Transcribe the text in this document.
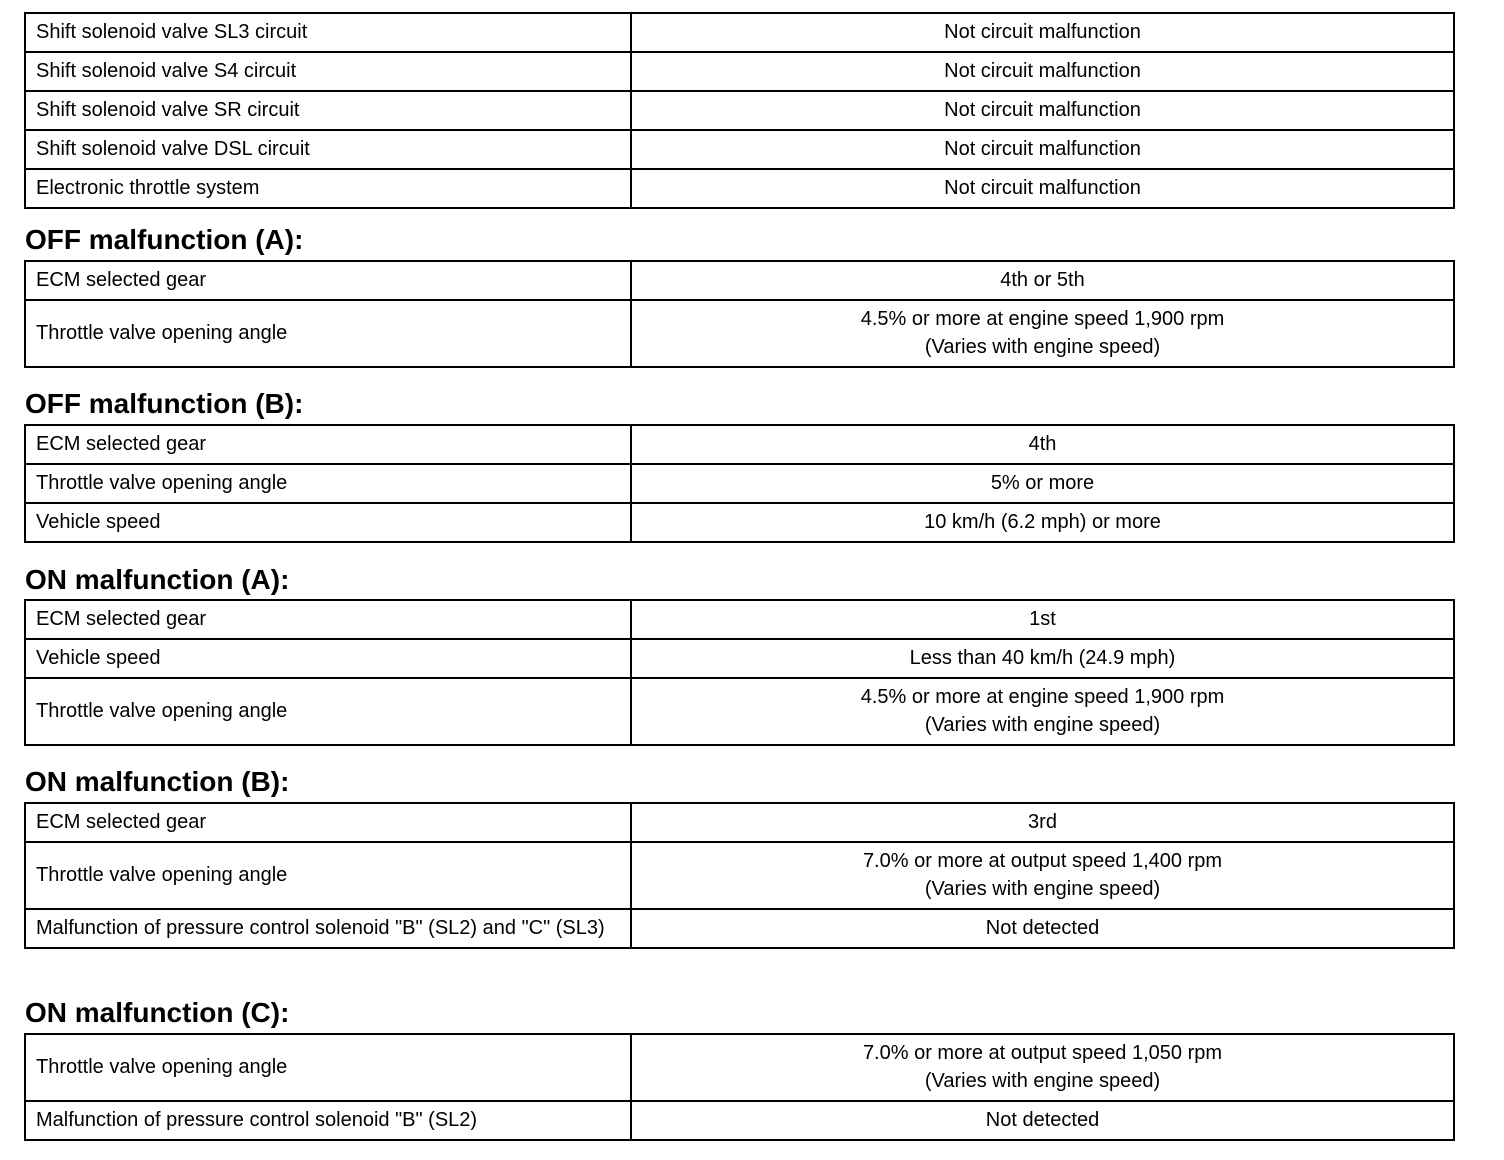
Shift solenoid valve SL3 circuit	Not circuit malfunction

Shift solenoid valve S4 circuit	Not circuit malfunction

Shift solenoid valve SR circuit	Not circuit malfunction

Shift solenoid valve DSL circuit	Not circuit malfunction

Electronic throttle system	Not circuit malfunction
OFF malfunction (A):
ECM selected gear	4th or 5th

Throttle valve opening angle	4.5% or more at engine speed 1,900 rpm
(Varies with engine speed)
OFF malfunction (B):
ECM selected gear	4th

Throttle valve opening angle	5% or more

Vehicle speed	10 km/h (6.2 mph) or more
ON malfunction (A):
ECM selected gear	1st

Vehicle speed	Less than 40 km/h (24.9 mph)

Throttle valve opening angle	4.5% or more at engine speed 1,900 rpm
(Varies with engine speed)
ON malfunction (B):
ECM selected gear	3rd

Throttle valve opening angle	7.0% or more at output speed 1,400 rpm
(Varies with engine speed)

Malfunction of pressure control solenoid "B" (SL2) and "C" (SL3)	Not detected
ON malfunction (C):
Throttle valve opening angle	7.0% or more at output speed 1,050 rpm
(Varies with engine speed)

Malfunction of pressure control solenoid "B" (SL2)	Not detected
